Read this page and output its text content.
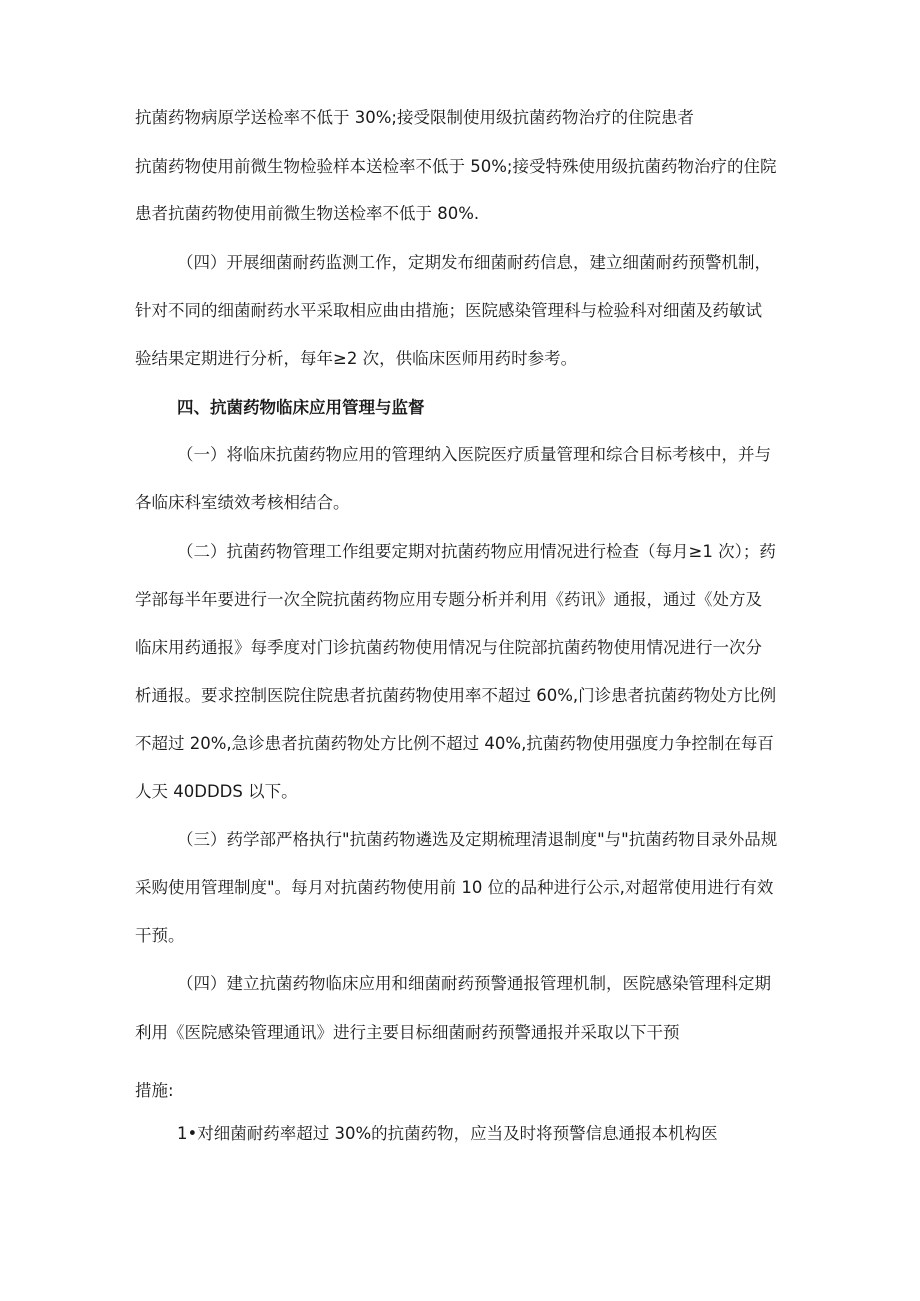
抗菌药物病原学送检率不低于 30%;接受限制使用级抗菌药物治疗的住院患者
抗菌药物使用前微生物检验样本送检率不低于 50%;接受特殊使用级抗菌药物治疗的住院
患者抗菌药物使用前微生物送检率不低于 80%.
（四）开展细菌耐药监测工作，定期发布细菌耐药信息，建立细菌耐药预警机制，
针对不同的细菌耐药水平采取相应曲由措施；医院感染管理科与检验科对细菌及药敏试
验结果定期进行分析，每年≥2 次，供临床医师用药时参考。
四、抗菌药物临床应用管理与监督
（一）将临床抗菌药物应用的管理纳入医院医疗质量管理和综合目标考核中，并与
各临床科室绩效考核相结合。
（二）抗菌药物管理工作组要定期对抗菌药物应用情况进行检查（每月≥1 次）；药
学部每半年要进行一次全院抗菌药物应用专题分析并利用《药讯》通报，通过《处方及
临床用药通报》每季度对门诊抗菌药物使用情况与住院部抗菌药物使用情况进行一次分
析通报。要求控制医院住院患者抗菌药物使用率不超过 60%,门诊患者抗菌药物处方比例
不超过 20%,急诊患者抗菌药物处方比例不超过 40%,抗菌药物使用强度力争控制在每百
人天 40DDDS 以下。
（三）药学部严格执行"抗菌药物遴选及定期梳理清退制度"与"抗菌药物目录外品规
采购使用管理制度"。每月对抗菌药物使用前 10 位的品种进行公示,对超常使用进行有效
干预。
（四）建立抗菌药物临床应用和细菌耐药预警通报管理机制，医院感染管理科定期
利用《医院感染管理通讯》进行主要目标细菌耐药预警通报并采取以下干预
措施:
1•对细菌耐药率超过 30%的抗菌药物，应当及时将预警信息通报本机构医
